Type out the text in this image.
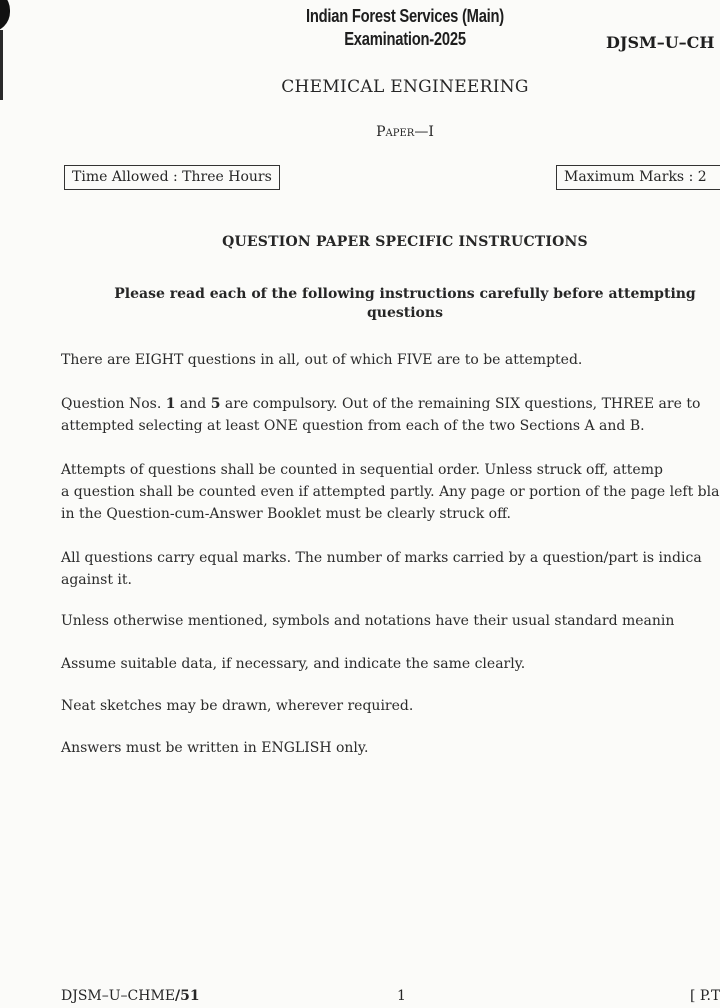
Indian Forest Services (Main)
Examination-2025	DJSM–U–CH
CHEMICAL ENGINEERING
Paper—I
Time Allowed : Three Hours	Maximum Marks : 2
QUESTION PAPER SPECIFIC INSTRUCTIONS
Please read each of the following instructions carefully before attempting questions
There are EIGHT questions in all, out of which FIVE are to be attempted.
Question Nos. 1 and 5 are compulsory. Out of the remaining SIX questions, THREE are to
attempted selecting at least ONE question from each of the two Sections A and B.
Attempts of questions shall be counted in sequential order. Unless struck off, attemp
a question shall be counted even if attempted partly. Any page or portion of the page left bla
in the Question-cum-Answer Booklet must be clearly struck off.
All questions carry equal marks. The number of marks carried by a question/part is indica
against it.
Unless otherwise mentioned, symbols and notations have their usual standard meanin
Assume suitable data, if necessary, and indicate the same clearly.
Neat sketches may be drawn, wherever required.
Answers must be written in ENGLISH only.
DJSM–U–CHME/51	1	[ P.T
